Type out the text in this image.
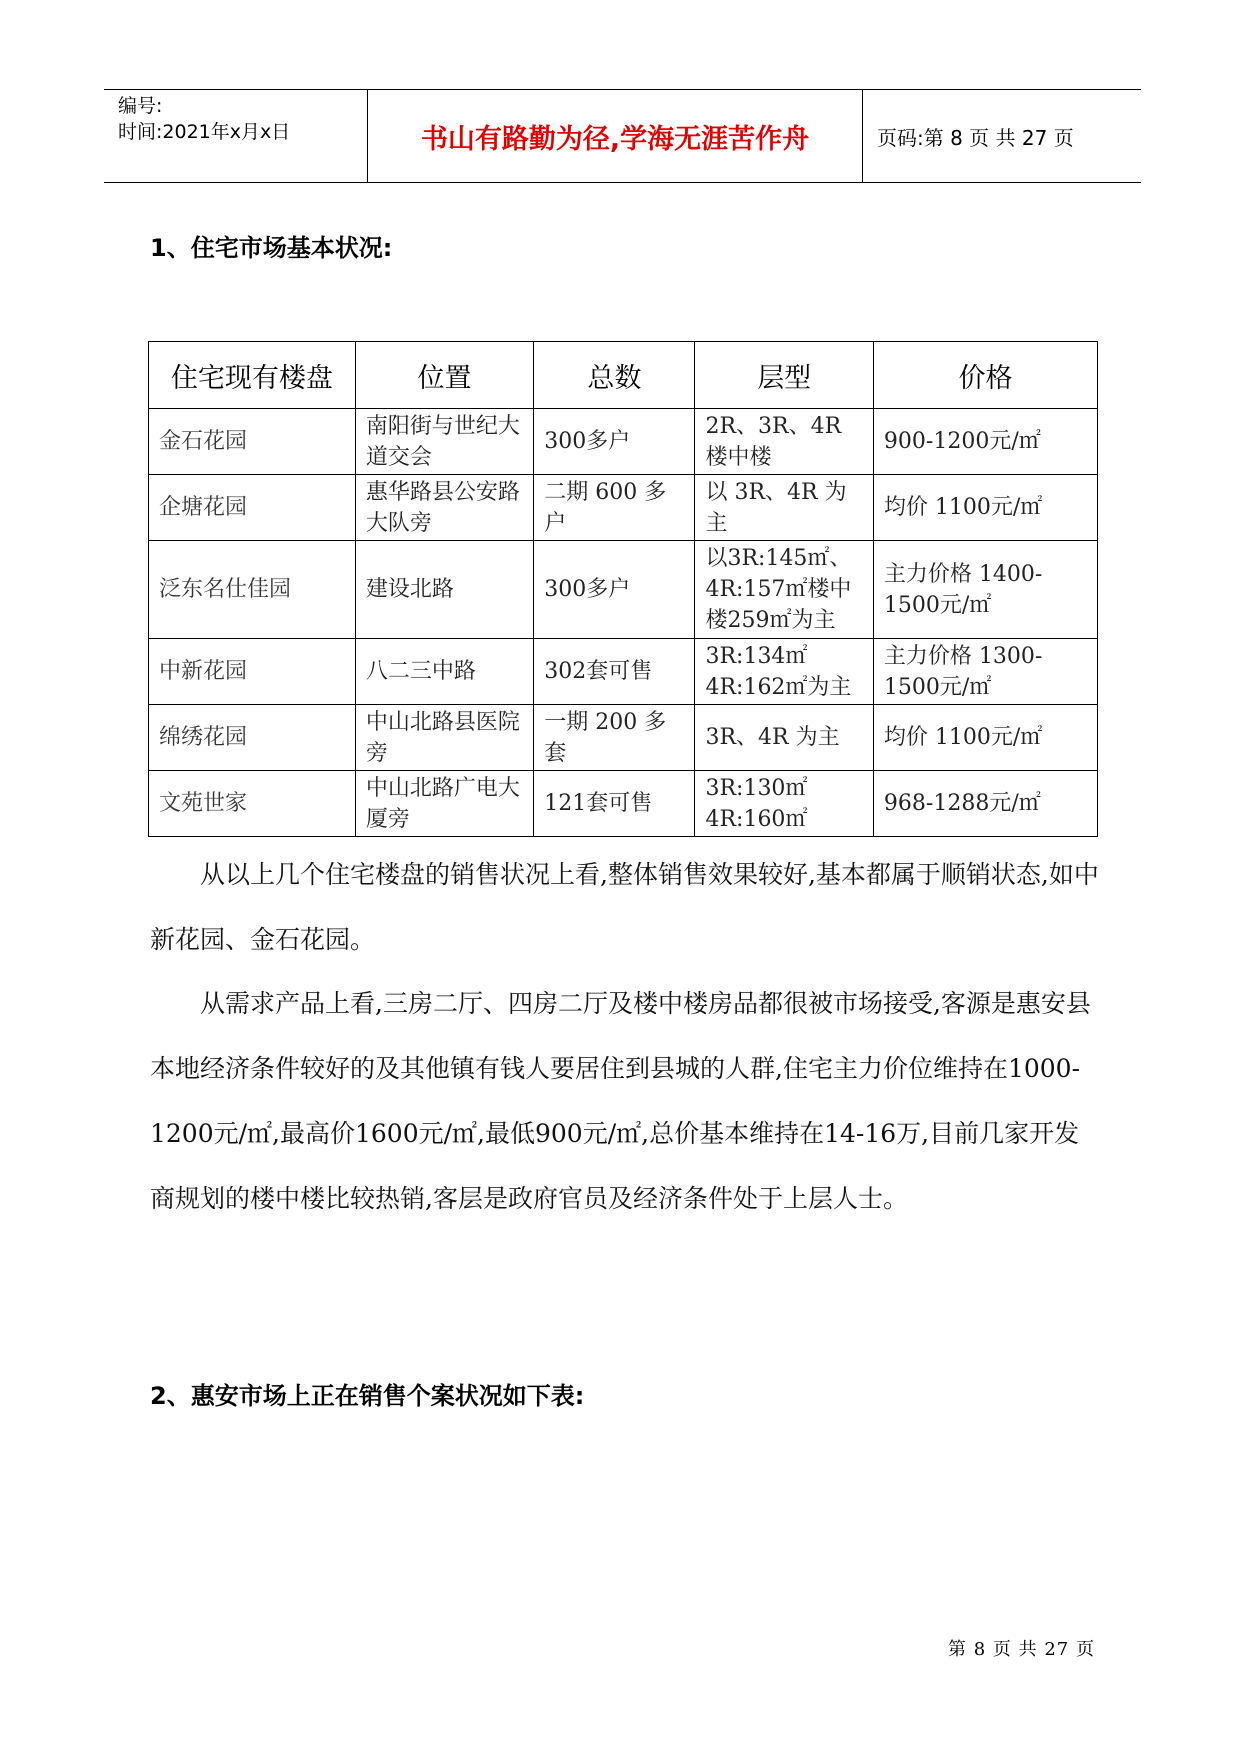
编号:
时间:2021年x月x日	书山有路勤为径,学海无涯苦作舟	页码:第 8 页 共 27 页
1、住宅市场基本状况:
住宅现有楼盘	位置	总数	层型	价格
金石花园	南阳街与世纪大道交会	300多户	2R、3R、4R楼中楼	900-1200元/㎡
企塘花园	惠华路县公安路大队旁	二期 600 多户	以 3R、4R 为主	均价 1100元/㎡
泛东名仕佳园	建设北路	300多户	以3R:145㎡、4R:157㎡楼中楼259㎡为主	主力价格 1400-1500元/㎡
中新花园	八二三中路	302套可售	3R:134㎡ 4R:162㎡为主	主力价格 1300-1500元/㎡
绵绣花园	中山北路县医院旁	一期 200 多套	3R、4R 为主	均价 1100元/㎡
文苑世家	中山北路广电大厦旁	121套可售	3R:130㎡ 4R:160㎡	968-1288元/㎡
从以上几个住宅楼盘的销售状况上看,整体销售效果较好,基本都属于顺销状态,如中新花园、金石花园。
从需求产品上看,三房二厅、四房二厅及楼中楼房品都很被市场接受,客源是惠安县本地经济条件较好的及其他镇有钱人要居住到县城的人群,住宅主力价位维持在1000-1200元/㎡,最高价1600元/㎡,最低900元/㎡,总价基本维持在14-16万,目前几家开发商规划的楼中楼比较热销,客层是政府官员及经济条件处于上层人士。
2、惠安市场上正在销售个案状况如下表:
第 8 页 共 27 页
